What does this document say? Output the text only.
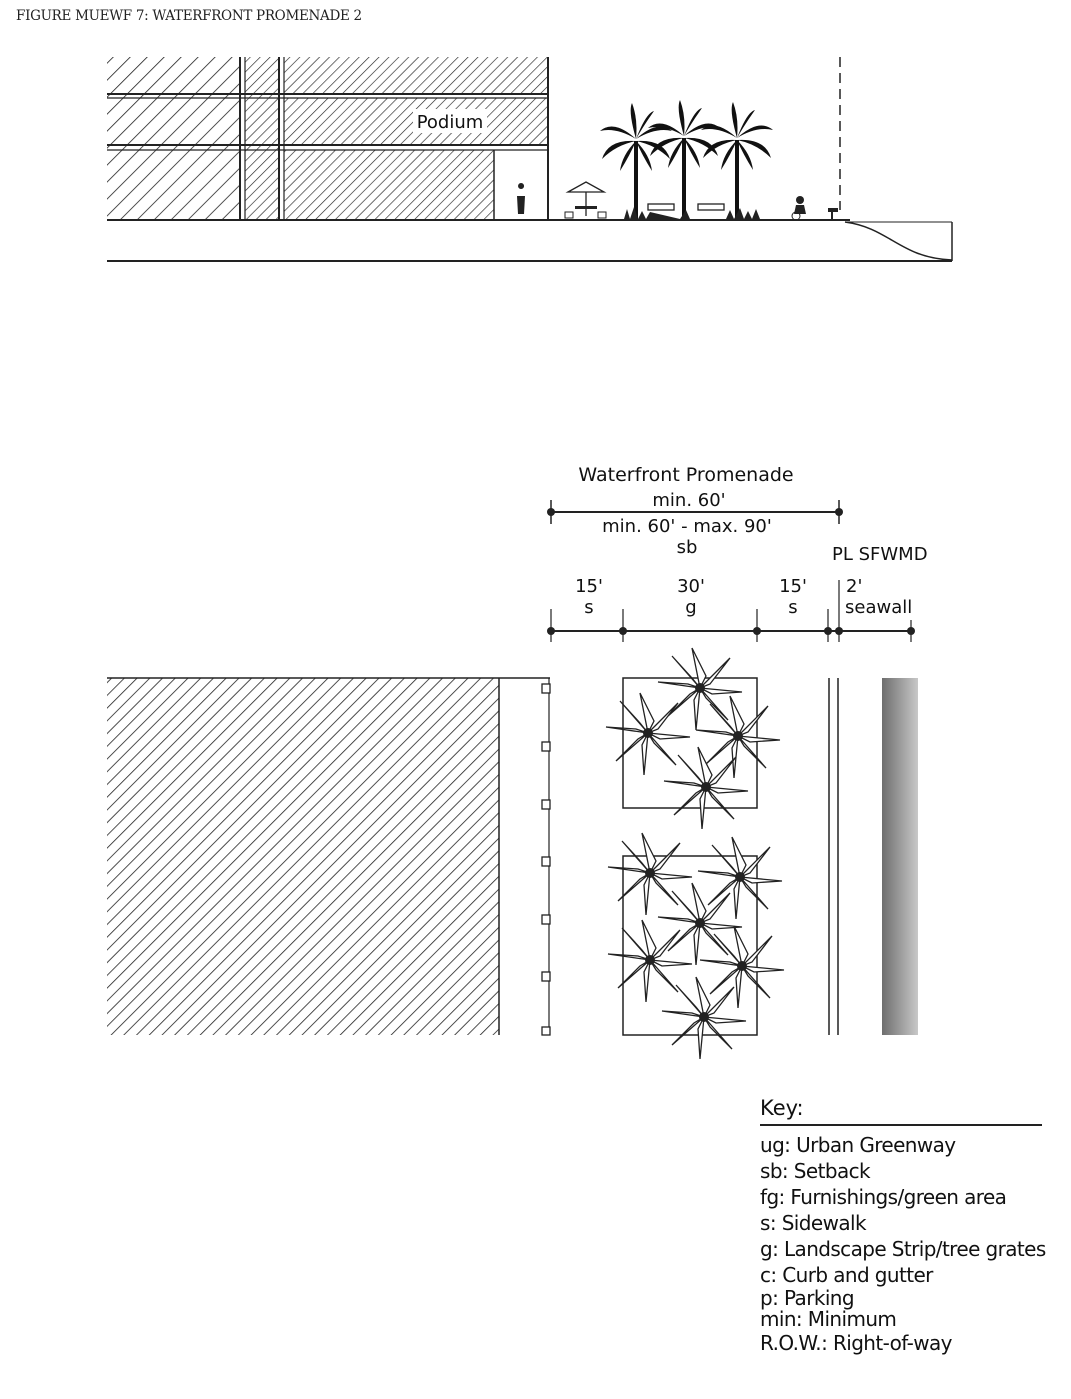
FIGURE MUEWF 7: WATERFRONT PROMENADE 2
Podium
Waterfront Promenade
min. 60'
min. 60' - max. 90'
sb	PL SFWMD
15'
s
30'
g
15'
s
2'
seawall
Key:
ug: Urban Greenway
sb: Setback
fg: Furnishings/green area
s: Sidewalk
g: Landscape Strip/tree grates
c: Curb and gutter
p: Parking
min: Minimum
R.O.W.: Right-of-way
